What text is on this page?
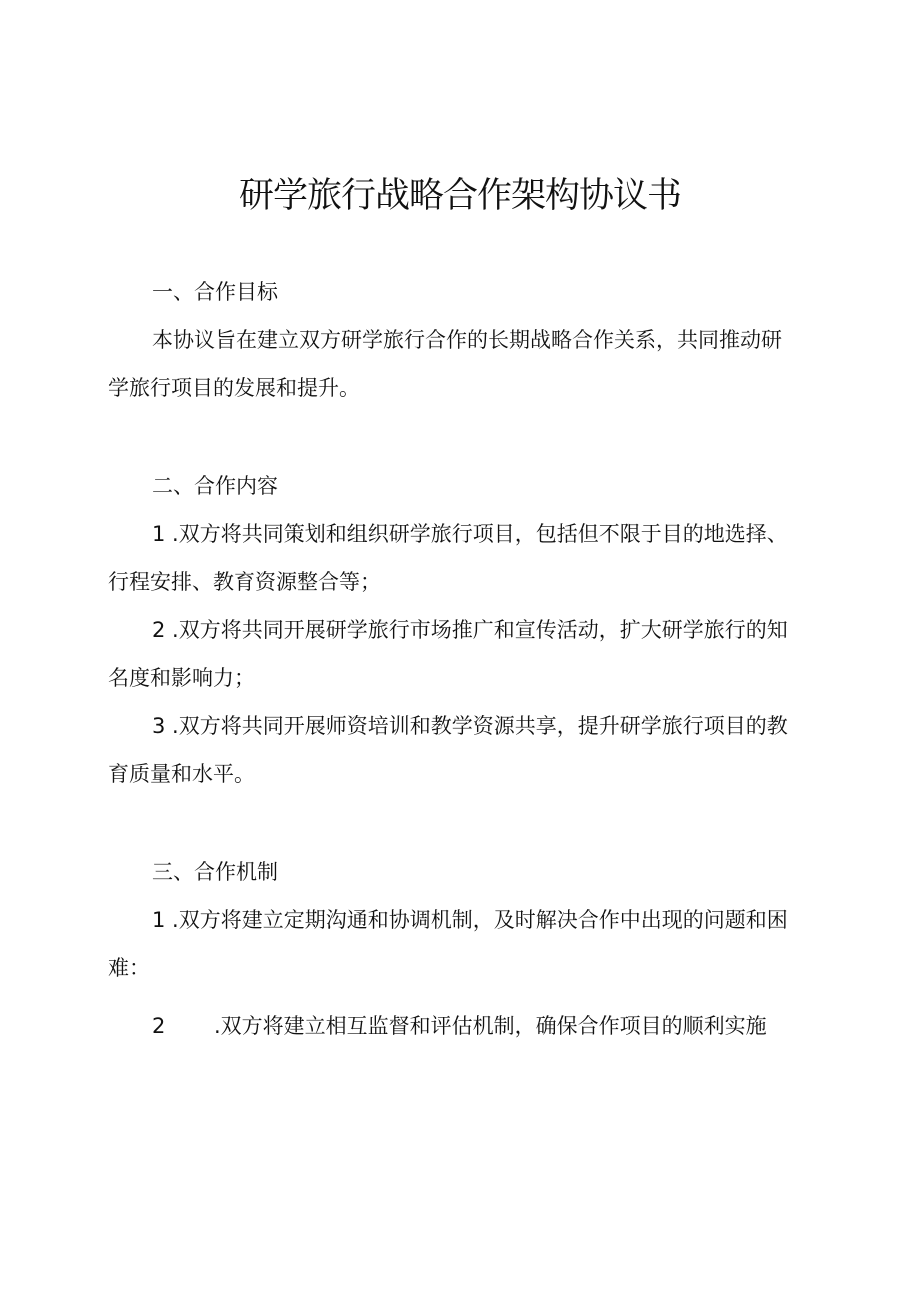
研学旅行战略合作架构协议书

一、合作目标

本协议旨在建立双方研学旅行合作的长期战略合作关系，共同推动研

学旅行项目的发展和提升。

二、合作内容

1 .双方将共同策划和组织研学旅行项目，包括但不限于目的地选择、

行程安排、教育资源整合等；

2 .双方将共同开展研学旅行市场推广和宣传活动，扩大研学旅行的知

名度和影响力；

3 .双方将共同开展师资培训和教学资源共享，提升研学旅行项目的教

育质量和水平。

三、合作机制

1 .双方将建立定期沟通和协调机制，及时解决合作中出现的问题和困

难：

2 .双方将建立相互监督和评估机制，确保合作项目的顺利实施
